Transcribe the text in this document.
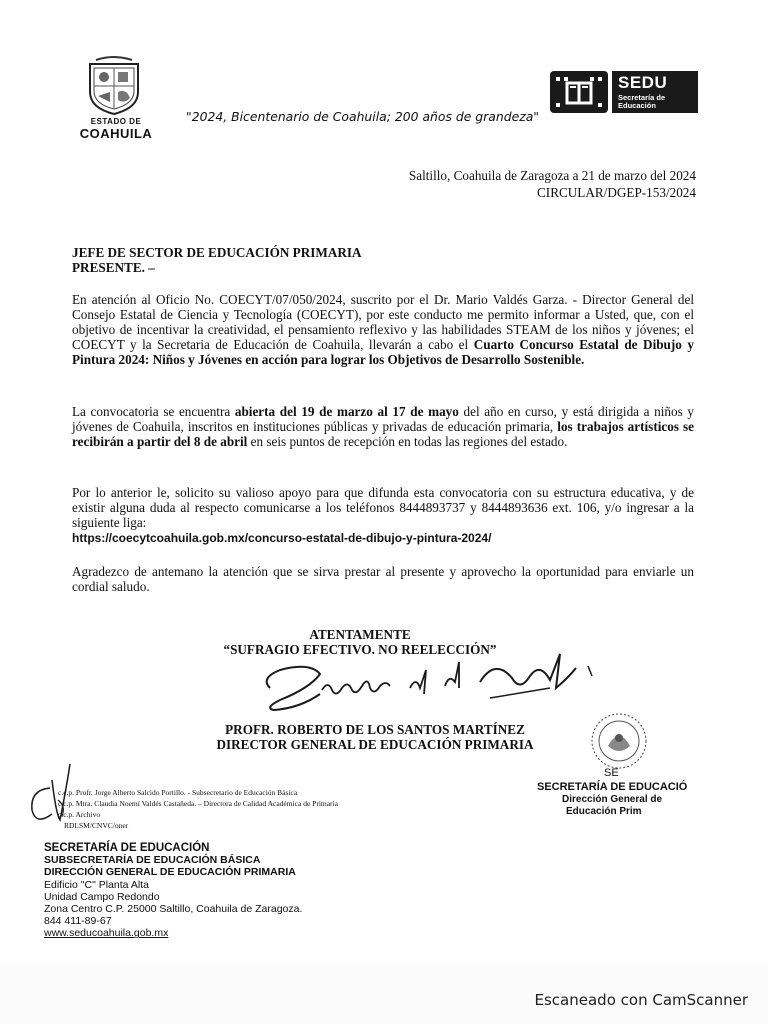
ESTADO DE
COAHUILA
"2024, Bicentenario de Coahuila; 200 años de grandeza"
SEDU
Secretaría de Educación
Saltillo, Coahuila de Zaragoza a 21 de marzo del 2024
CIRCULAR/DGEP-153/2024
JEFE DE SECTOR DE EDUCACIÓN PRIMARIA
PRESENTE. –
En atención al Oficio No. COECYT/07/050/2024, suscrito por el Dr. Mario Valdés Garza. - Director General del Consejo Estatal de Ciencia y Tecnología (COECYT), por este conducto me permito informar a Usted, que, con el objetivo de incentivar la creatividad, el pensamiento reflexivo y las habilidades STEAM de los niños y jóvenes; el COECYT y la Secretaria de Educación de Coahuila, llevarán a cabo el Cuarto Concurso Estatal de Dibujo y Pintura 2024: Niños y Jóvenes en acción para lograr los Objetivos de Desarrollo Sostenible.
La convocatoria se encuentra abierta del 19 de marzo al 17 de mayo del año en curso, y está dirigida a niños y jóvenes de Coahuila, inscritos en instituciones públicas y privadas de educación primaria, los trabajos artísticos se recibirán a partir del 8 de abril en seis puntos de recepción en todas las regiones del estado.
Por lo anterior le, solicito su valioso apoyo para que difunda esta convocatoria con su estructura educativa, y de existir alguna duda al respecto comunicarse a los teléfonos 8444893737 y 8444893636 ext. 106, y/o ingresar a la siguiente liga:
https://coecytcoahuila.gob.mx/concurso-estatal-de-dibujo-y-pintura-2024/
Agradezco de antemano la atención que se sirva prestar al presente y aprovecho la oportunidad para enviarle un cordial saludo.
ATENTAMENTE
“SUFRAGIO EFECTIVO. NO REELECCIÓN”
PROFR. ROBERTO DE LOS SANTOS MARTÍNEZ
DIRECTOR GENERAL DE EDUCACIÓN PRIMARIA
SE
SECRETARÍA DE EDUCACIÓ
Dirección General de
Educación Prim
c.c.p. Profr. Jorge Alberto Salcido Portillo. - Subsecretario de Educación Básica
c.c.p. Mtra. Claudia Noemí Valdés Castañeda. – Directora de Calidad Académica de Primaria
c.c.p. Archivo
RDLSM/CNVC/oner
SECRETARÍA DE EDUCACIÓN
SUBSECRETARÍA DE EDUCACIÓN BÁSICA
DIRECCIÓN GENERAL DE EDUCACIÓN PRIMARIA
Edificio "C" Planta Alta
Unidad Campo Redondo
Zona Centro C.P. 25000 Saltillo, Coahuila de Zaragoza.
844 411-89-67
www.seducoahuila.gob.mx
Escaneado con CamScanner
